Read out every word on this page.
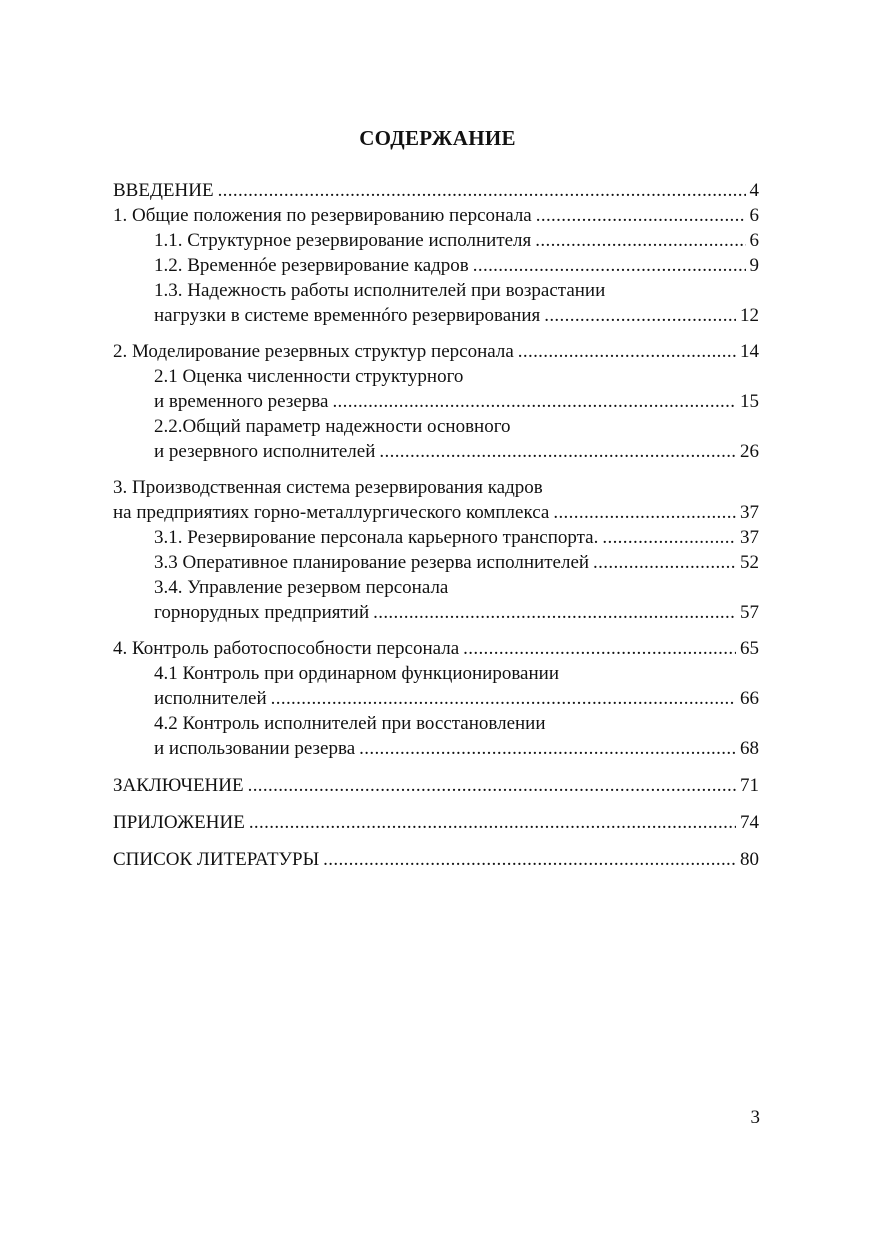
СОДЕРЖАНИЕ
ВВЕДЕНИЕ . . .	4
1. Общие положения по резервированию персонала . . .	6
1.1. Структурное резервирование исполнителя . . .	6
1.2. Временнóе резервирование кадров . . .	9
1.3. Надежность работы исполнителей при возрастании
нагрузки в системе временнóго резервирования . . .	12
2. Моделирование резервных структур персонала . . .	14
2.1 Оценка численности структурного
и временного резерва . . .	15
2.2.Общий параметр надежности основного
и резервного исполнителей . . .	26
3. Производственная система резервирования кадров
на предприятиях горно-металлургического комплекса . . .	37
3.1. Резервирование персонала карьерного транспорта. . . .	37
3.3 Оперативное планирование резерва исполнителей . . .	52
3.4. Управление резервом персонала
горнорудных предприятий . . .	57
4. Контроль работоспособности персонала . . .	65
4.1 Контроль при ординарном функционировании
исполнителей . . .	66
4.2 Контроль исполнителей при восстановлении
и использовании резерва . . .	68
ЗАКЛЮЧЕНИЕ . . .	71
ПРИЛОЖЕНИЕ . . .	74
СПИСОК ЛИТЕРАТУРЫ . . .	80
3
